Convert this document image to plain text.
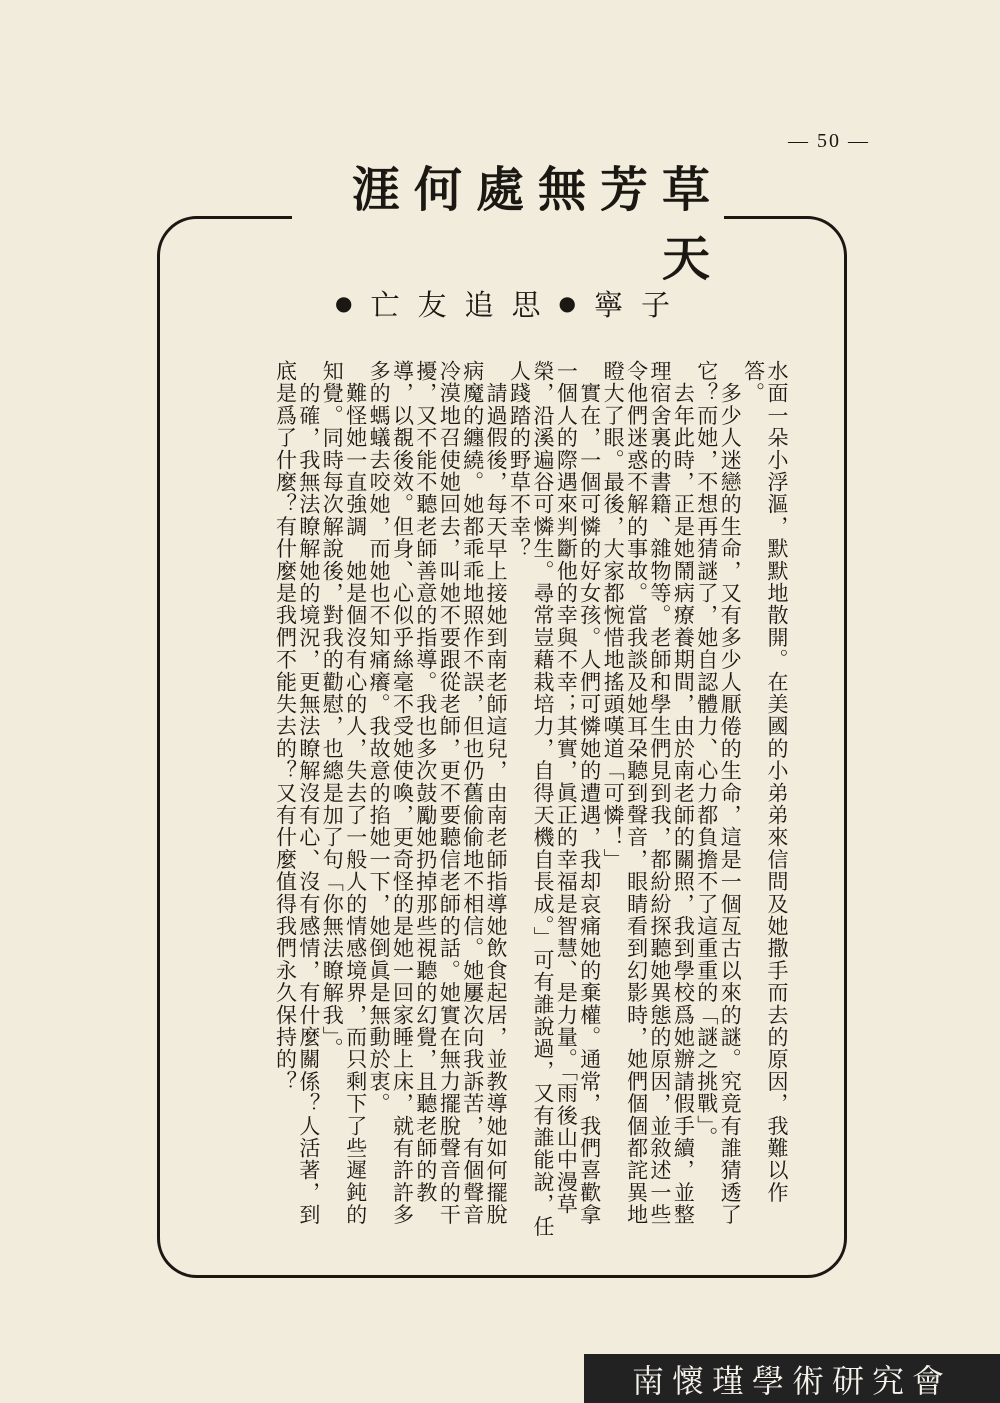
— 50 —
草芳無處何涯天
● 亡 友 追 思 ● 寧 子

水面一朵小浮漚，默默地散開。在美國的小弟弟來信問及她撒手而去的原因，我難以作答。

　多少人迷戀的生命，又有多少人厭倦的生命，這是一個亙古以來的謎。究竟有誰猜透了它？而她，不想再猜謎了，她自認體力、心力都負擔不了這重重的「謎之挑戰」。

　去年此時，正是她鬧病療養期間，由於南老師的關照，我到學校爲她辦請假手續，並整理宿舍裏的書籍、雜物等。老師和學生們見到我，都紛紛探聽她異態的原因，並敘述一些令他們迷惑不解的事故。當我談及她耳朶聽到聲音，眼睛看到幻影時，她們個個都詫異地瞪大了眼。最後，大家都惋惜地搖頭嘆道「可憐！」

　實在，一個可憐的好女孩。人們可憐她的遭遇，我却哀痛她的棄權。通常，我們喜歡拿一個人的際遇來判斷他的幸與不幸；其實，眞正的幸福是智慧、是力量。「雨後山中漫草榮，沿溪遍谷可憐生。尋常豈藉栽培力，自得天機自長成。」可有誰說過，又有誰能說，任人踐踏的野草不幸？

　請過假後，每天早上接她到南老師這兒，由南老師指導她飲食起居，並教導她如何擺脫病魔的纏繞。她都乖乖地照作不誤，但也仍舊偷偷地不相信。她屢次向我訴苦，有個聲音冷漠地召使她回去，叫她不要跟從老師，更不要聽信老師的話。她實在無力擺脫聲音的干擾，又不能不聽老師善意的指導。我也多次鼓勵她扔掉那些視聽的幻覺，且聽老師的教導，以覩後效。但身、心似乎絲毫不受她使喚，更奇怪的是她一回家睡上床，就有許許多多的螞蟻去咬她，而她也不知痛癢。我故意的掐她一下，她倒眞是無動於衷。

　難怪她一直強調　她是個沒有心的人，失去了一般人的情感境界，而只剩下了些遲鈍的知覺。同時每次解說後，對我的勸慰，也總是加了句「你無法瞭解我」。

　的確，我無法瞭解她的境況，更無法瞭解沒有心、沒有感情，有什麼關係？人活著，到底是爲了什麼？有什麼是我們不能失去的？又有什麼值得我們永久保持的？

南懷瑾學術研究會
